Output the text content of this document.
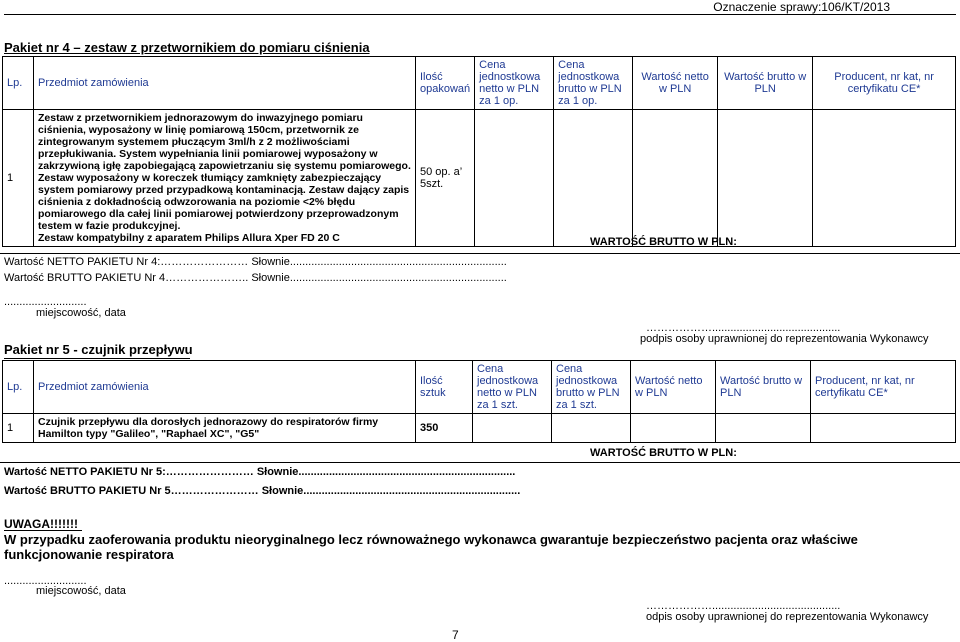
Oznaczenie sprawy:106/KT/2013
Pakiet nr 4 – zestaw z przetwornikiem do pomiaru ciśnienia
Lp.	Przedmiot zamówienia	Ilość opakowań	Cena jednostkowa netto w PLN za 1 op.	Cena jednostkowa brutto w PLN za 1 op.	Wartość netto w PLN	Wartość brutto w PLN	Producent, nr kat, nr certyfikatu CE*
1	Zestaw z przetwornikiem jednorazowym do inwazyjnego pomiaru ciśnienia, wyposażony w linię pomiarową 150cm, przetwornik ze zintegrowanym systemem płuczącym 3ml/h z 2 możliwościami przepłukiwania. System wypełniania linii pomiarowej wyposażony w zakrzywioną igłę zapobiegającą zapowietrzaniu się systemu pomiarowego. Zestaw wyposażony w koreczek tłumiący zamknięty zabezpieczający system pomiarowy przed przypadkową kontaminacją. Zestaw dający zapis ciśnienia z dokładnością odwzorowania na poziomie <2% błędu pomiarowego dla całej linii pomiarowej potwierdzony przeprowadzonym testem w fazie produkcyjnej.
Zestaw kompatybilny z aparatem Philips Allura Xper FD 20 C	50 op. a’ 5szt.					
WARTOŚĆ BRUTTO W PLN:
Wartość NETTO PAKIETU Nr 4:…………………… Słownie.......................................................................
Wartość BRUTTO PAKIETU Nr 4………………….. Słownie.......................................................................
...........................
miejscowość, data
………………..........................................
podpis osoby uprawnionej do reprezentowania Wykonawcy
Pakiet nr 5 - czujnik przepływu
Lp.	Przedmiot zamówienia	Ilość sztuk	Cena jednostkowa netto w PLN za 1 szt.	Cena jednostkowa brutto w PLN za 1 szt.	Wartość netto w PLN	Wartość brutto w PLN	Producent, nr kat, nr certyfikatu CE*
1	Czujnik przepływu dla dorosłych jednorazowy do respiratorów firmy Hamilton typy "Galileo", "Raphael XC", "G5"	350					
WARTOŚĆ BRUTTO W PLN:
Wartość NETTO PAKIETU Nr 5:…………………… Słownie.......................................................................
Wartość BRUTTO PAKIETU Nr 5…………………… Słownie.......................................................................
UWAGA!!!!!!!
W przypadku zaoferowania produktu nieoryginalnego lecz równoważnego wykonawca gwarantuje bezpieczeństwo pacjenta oraz właściwe funkcjonowanie respiratora
...........................
miejscowość, data
………………..........................................
odpis osoby uprawnionej do reprezentowania Wykonawcy
7
